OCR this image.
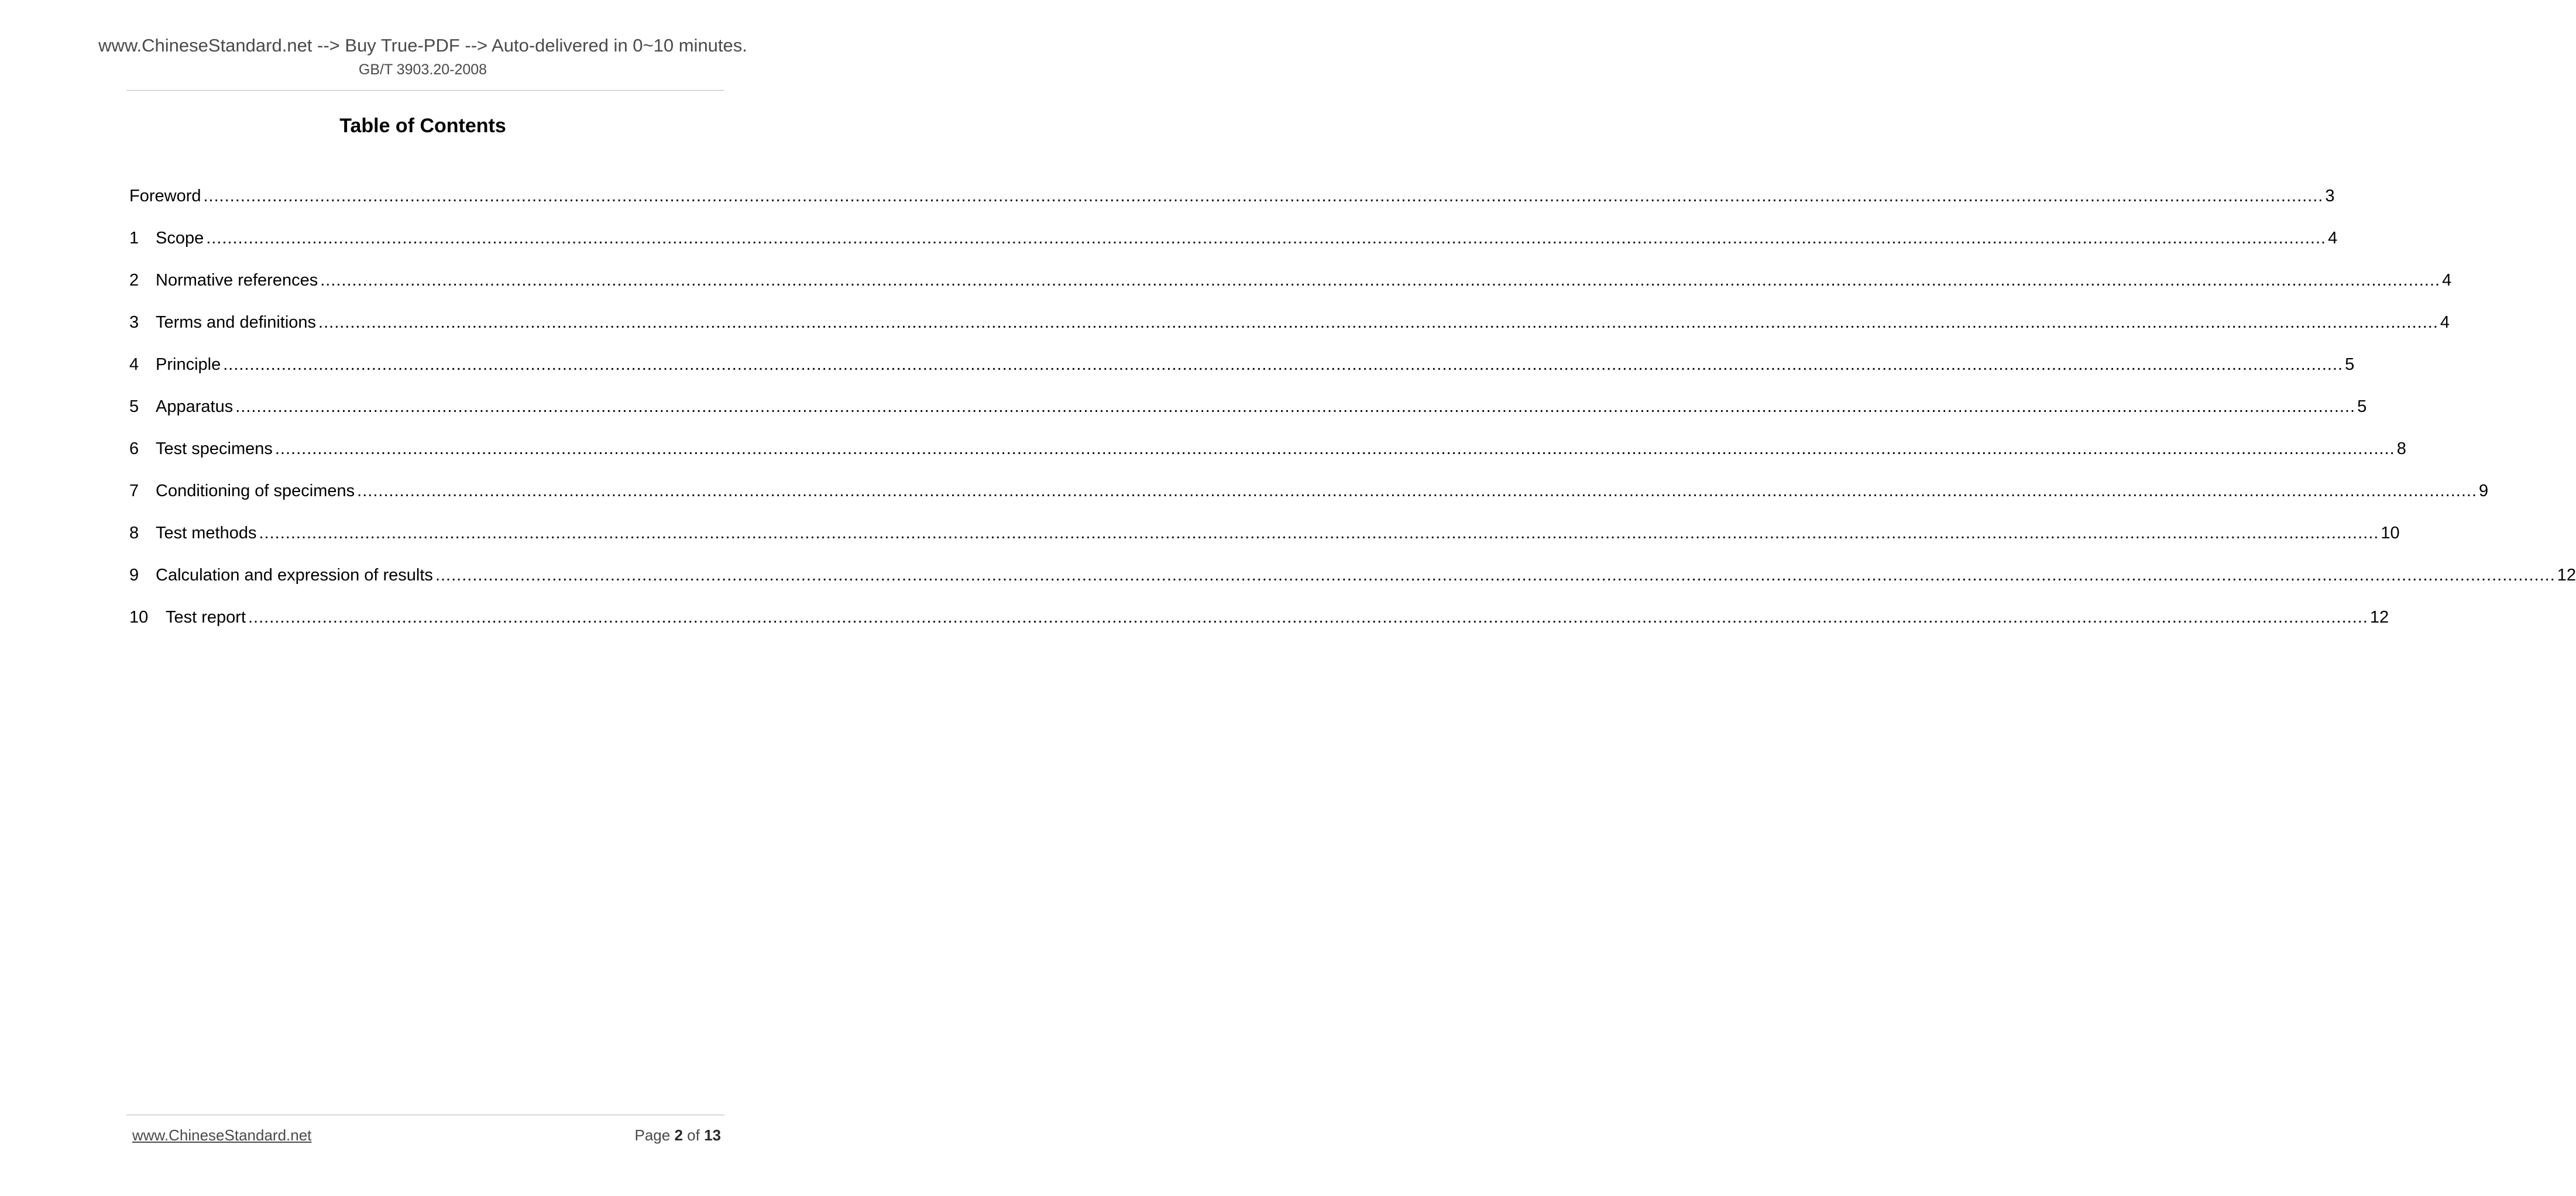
www.ChineseStandard.net --> Buy True-PDF --> Auto-delivered in 0~10 minutes.
GB/T 3903.20-2008
Table of Contents
Foreword ................................................................................................................................................................................................................................................................................................................................................................................................................ 3
1 Scope ................................................................................................................................................................................................................................................................................................................................................................................................................ 4
2 Normative references ................................................................................................................................................................................................................................................................................................................................................................................................................ 4
3 Terms and definitions ................................................................................................................................................................................................................................................................................................................................................................................................................ 4
4 Principle ................................................................................................................................................................................................................................................................................................................................................................................................................ 5
5 Apparatus ................................................................................................................................................................................................................................................................................................................................................................................................................ 5
6 Test specimens ................................................................................................................................................................................................................................................................................................................................................................................................................ 8
7 Conditioning of specimens ................................................................................................................................................................................................................................................................................................................................................................................................................ 9
8 Test methods ................................................................................................................................................................................................................................................................................................................................................................................................................ 10
9 Calculation and expression of results ................................................................................................................................................................................................................................................................................................................................................................................................................ 12
10	Test report ................................................................................................................................................................................................................................................................................................................................................................................................................ 12
www.ChineseStandard.net	Page 2 of 13
